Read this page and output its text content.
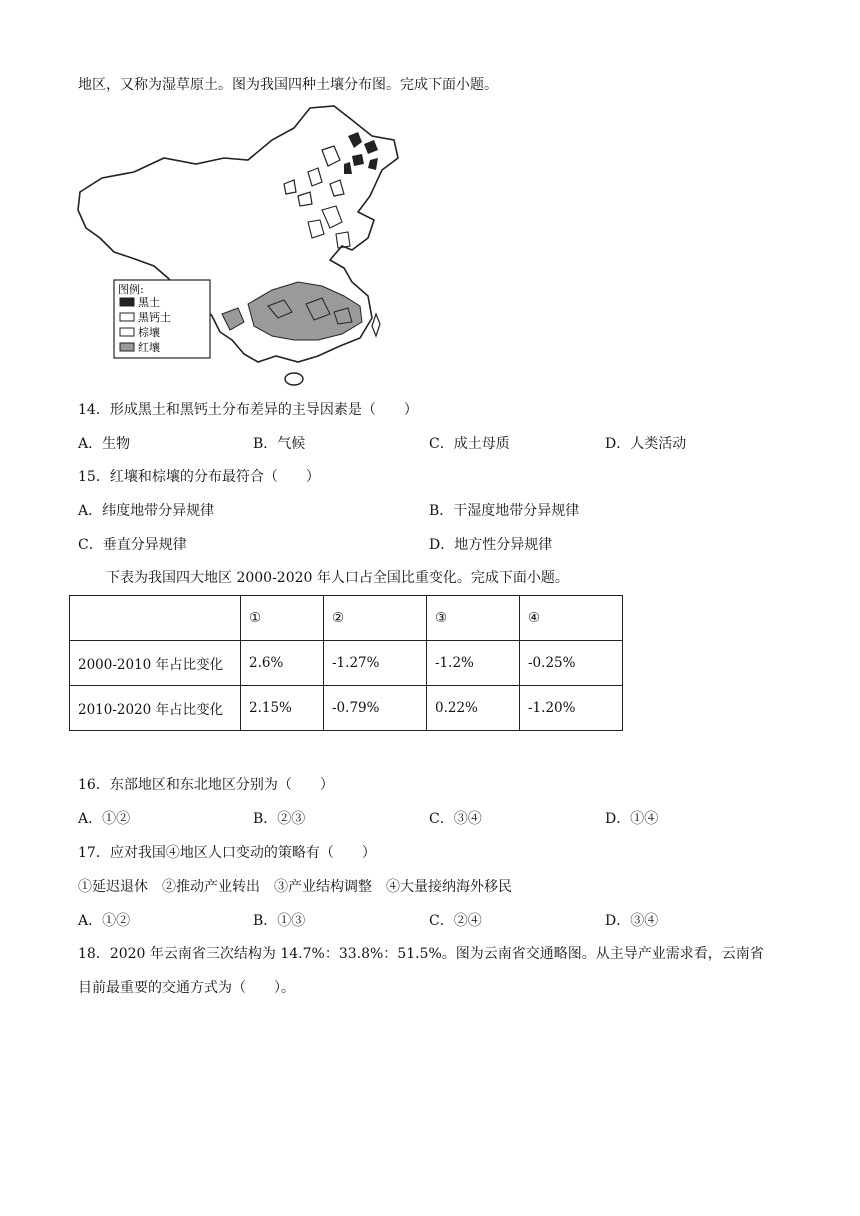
地区，又称为湿草原土。图为我国四种土壤分布图。完成下面小题。
图例:
黑土
黑钙土
棕壤
红壤
14．形成黑土和黑钙土分布差异的主导因素是（　　）
A．生物	B．气候	C．成土母质	D．人类活动
15．红壤和棕壤的分布最符合（　　）
A．纬度地带分异规律	B．干湿度地带分异规律
C．垂直分异规律	D．地方性分异规律
下表为我国四大地区 2000-2020 年人口占全国比重变化。完成下面小题。
	①	②	③	④
2000-2010 年占比变化	2.6%	-1.27%	-1.2%	-0.25%
2010-2020 年占比变化	2.15%	-0.79%	0.22%	-1.20%
16．东部地区和东北地区分别为（　　）
A．①②	B．②③	C．③④	D．①④
17．应对我国④地区人口变动的策略有（　　）
①延迟退休　②推动产业转出　③产业结构调整　④大量接纳海外移民
A．①②	B．①③	C．②④	D．③④
18．2020 年云南省三次结构为 14.7%：33.8%：51.5%。图为云南省交通略图。从主导产业需求看，云南省
目前最重要的交通方式为（　　）。
